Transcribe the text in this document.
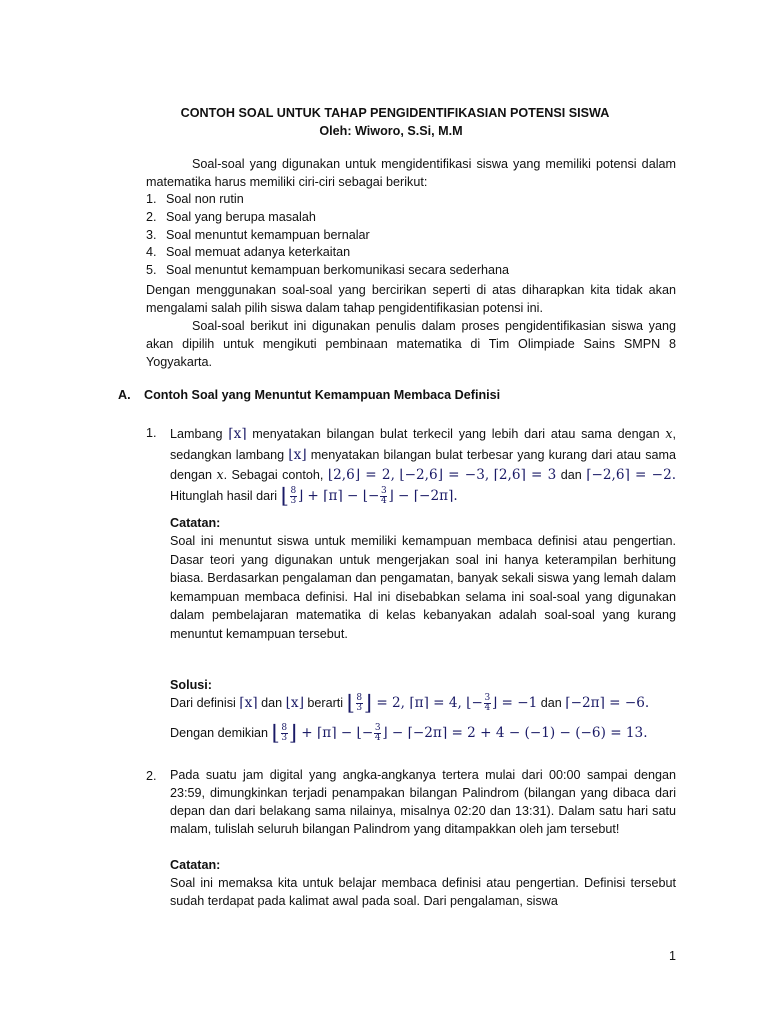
CONTOH SOAL UNTUK TAHAP PENGIDENTIFIKASIAN POTENSI SISWA
Oleh: Wiworo, S.Si, M.M
Soal-soal yang digunakan untuk mengidentifikasi siswa yang memiliki potensi dalam matematika harus memiliki ciri-ciri sebagai berikut:
1. Soal non rutin
2. Soal yang berupa masalah
3. Soal menuntut kemampuan bernalar
4. Soal memuat adanya keterkaitan
5. Soal menuntut kemampuan berkomunikasi secara sederhana
Dengan menggunakan soal-soal yang bercirikan seperti di atas diharapkan kita tidak akan mengalami salah pilih siswa dalam tahap pengidentifikasian potensi ini.
Soal-soal berikut ini digunakan penulis dalam proses pengidentifikasian siswa yang akan dipilih untuk mengikuti pembinaan matematika di Tim Olimpiade Sains SMPN 8 Yogyakarta.
A. Contoh Soal yang Menuntut Kemampuan Membaca Definisi
1. Lambang ⌈x⌉ menyatakan bilangan bulat terkecil yang lebih dari atau sama dengan x, sedangkan lambang ⌊x⌋ menyatakan bilangan bulat terbesar yang kurang dari atau sama dengan x. Sebagai contoh, ⌊2,6⌋ = 2, ⌊−2,6⌋ = −3, ⌈2,6⌉ = 3 dan ⌈−2,6⌉ = −2. Hitunglah hasil dari ⌊ $\frac{8}{3}$ ⌋ + ⌈π⌉ − ⌊− $\frac{3}{4}$ ⌋ − ⌈−2π⌉.
Catatan:
Soal ini menuntut siswa untuk memiliki kemampuan membaca definisi atau pengertian. Dasar teori yang digunakan untuk mengerjakan soal ini hanya keterampilan berhitung biasa. Berdasarkan pengalaman dan pengamatan, banyak sekali siswa yang lemah dalam kemampuan membaca definisi. Hal ini disebabkan selama ini soal-soal yang digunakan dalam pembelajaran matematika di kelas kebanyakan adalah soal-soal yang kurang menuntut kemampuan tersebut.
Solusi:
Dari definisi ⌈x⌉ dan ⌊x⌋ berarti ⌊ $\frac{8}{3}$ ⌋ = 2, ⌈π⌉ = 4, ⌊− $\frac{3}{4}$ ⌋ = −1 dan ⌈−2π⌉ = −6.
Dengan demikian ⌊ $\frac{8}{3}$ ⌋ + ⌈π⌉ − ⌊− $\frac{3}{4}$ ⌋ − ⌈−2π⌉ = 2 + 4 − (−1) − (−6) = 13.
2. Pada suatu jam digital yang angka-angkanya tertera mulai dari 00:00 sampai dengan 23:59, dimungkinkan terjadi penampakan bilangan Palindrom (bilangan yang dibaca dari depan dan dari belakang sama nilainya, misalnya 02:20 dan 13:31). Dalam satu hari satu malam, tulislah seluruh bilangan Palindrom yang ditampakkan oleh jam tersebut!
Catatan:
Soal ini memaksa kita untuk belajar membaca definisi atau pengertian. Definisi tersebut sudah terdapat pada kalimat awal pada soal. Dari pengalaman, siswa
1
